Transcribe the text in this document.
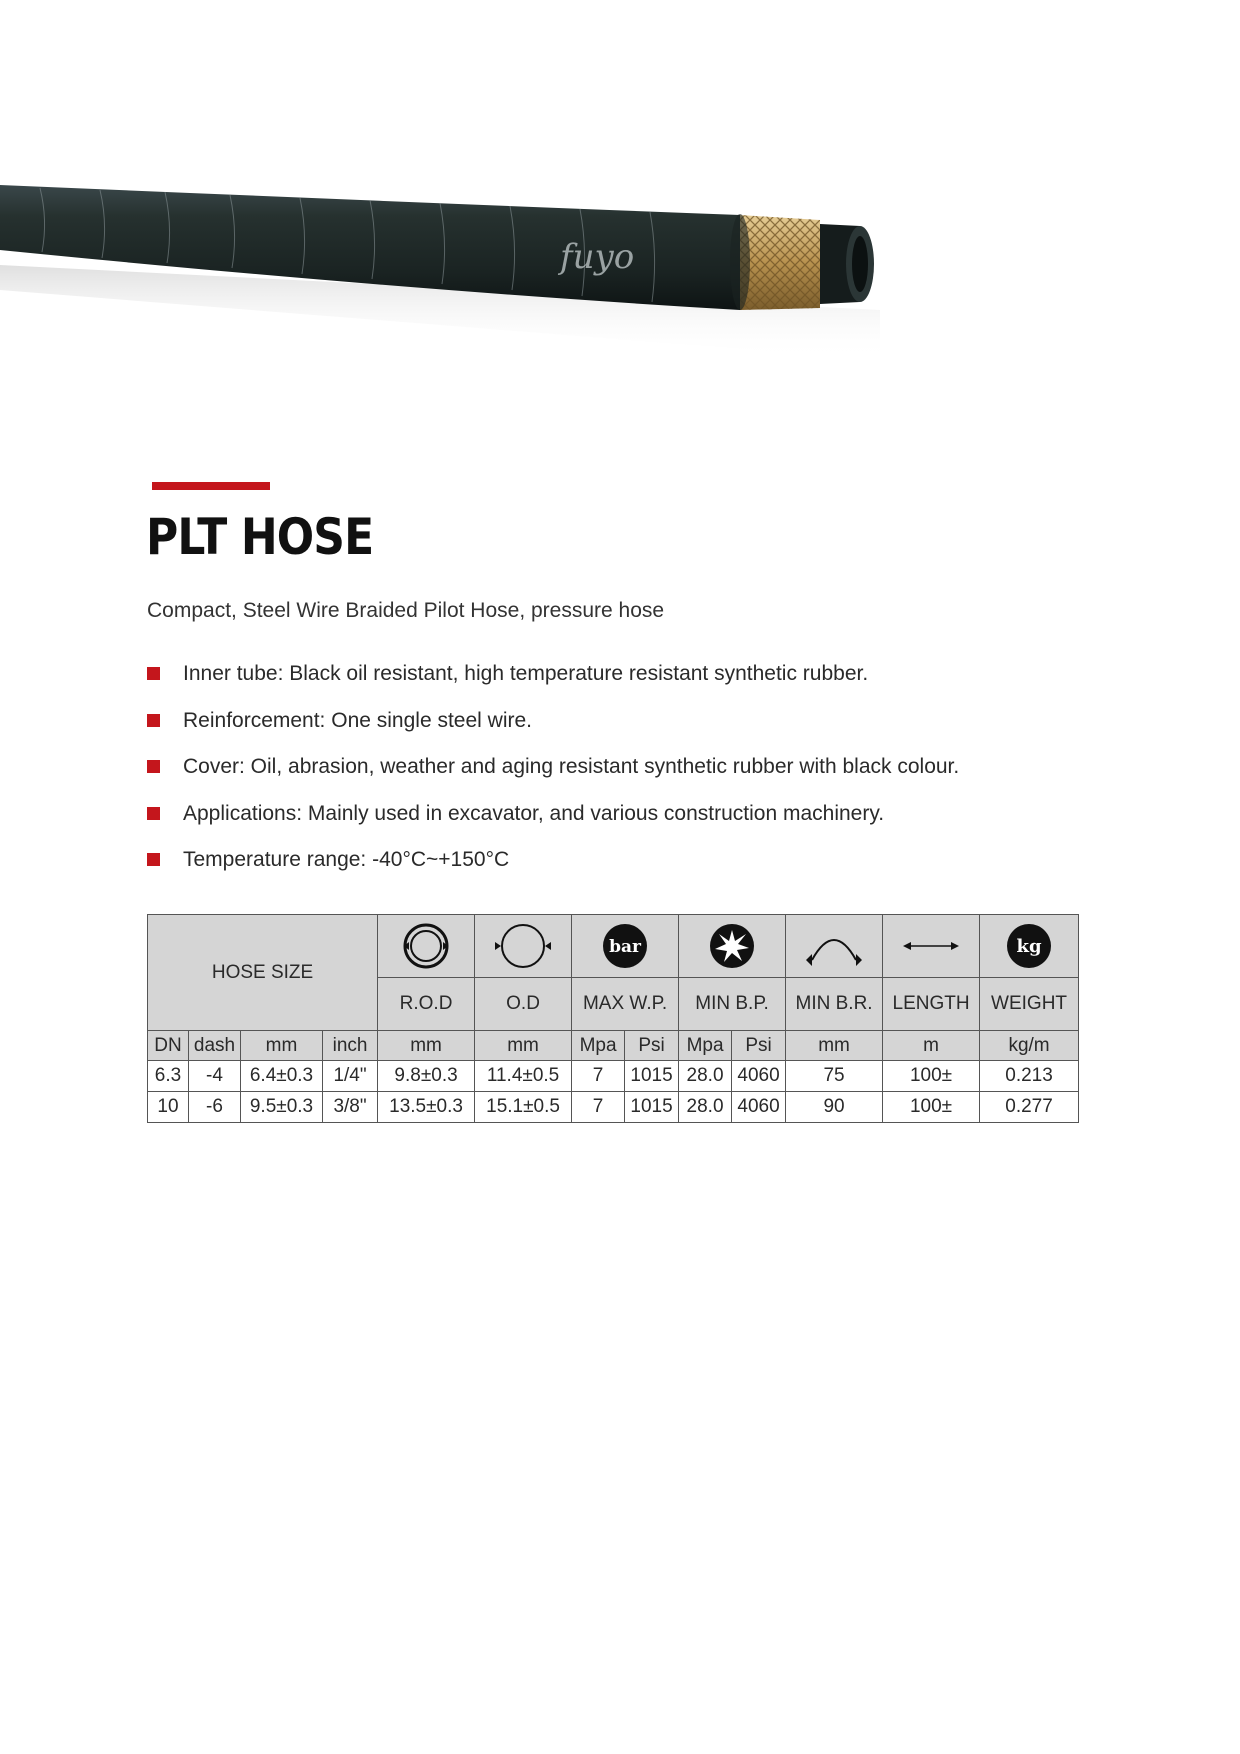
fuyo
PLT HOSE

Compact, Steel Wire Braided Pilot Hose, pressure hose

Inner tube: Black oil resistant, high temperature resistant synthetic rubber.
Reinforcement: One single steel wire.
Cover: Oil, abrasion, weather and aging resistant synthetic rubber with black colour.
Applications: Mainly used in excavator, and various construction machinery.
Temperature range: -40°C~+150°C
HOSE SIZE						bar						kg

				R.O.D	O.D	MAX W.P.		MIN B.P.		MIN B.R.	LENGTH	WEIGHT
DN	dash	mm	inch	mm	mm	Mpa	Psi	Mpa	Psi	mm	m	kg/m
6.3	-4	6.4±0.3	1/4"	9.8±0.3	11.4±0.5	7	1015	28.0	4060	75	100±	0.213
10	-6	9.5±0.3	3/8"	13.5±0.3	15.1±0.5	7	1015	28.0	4060	90	100±	0.277
